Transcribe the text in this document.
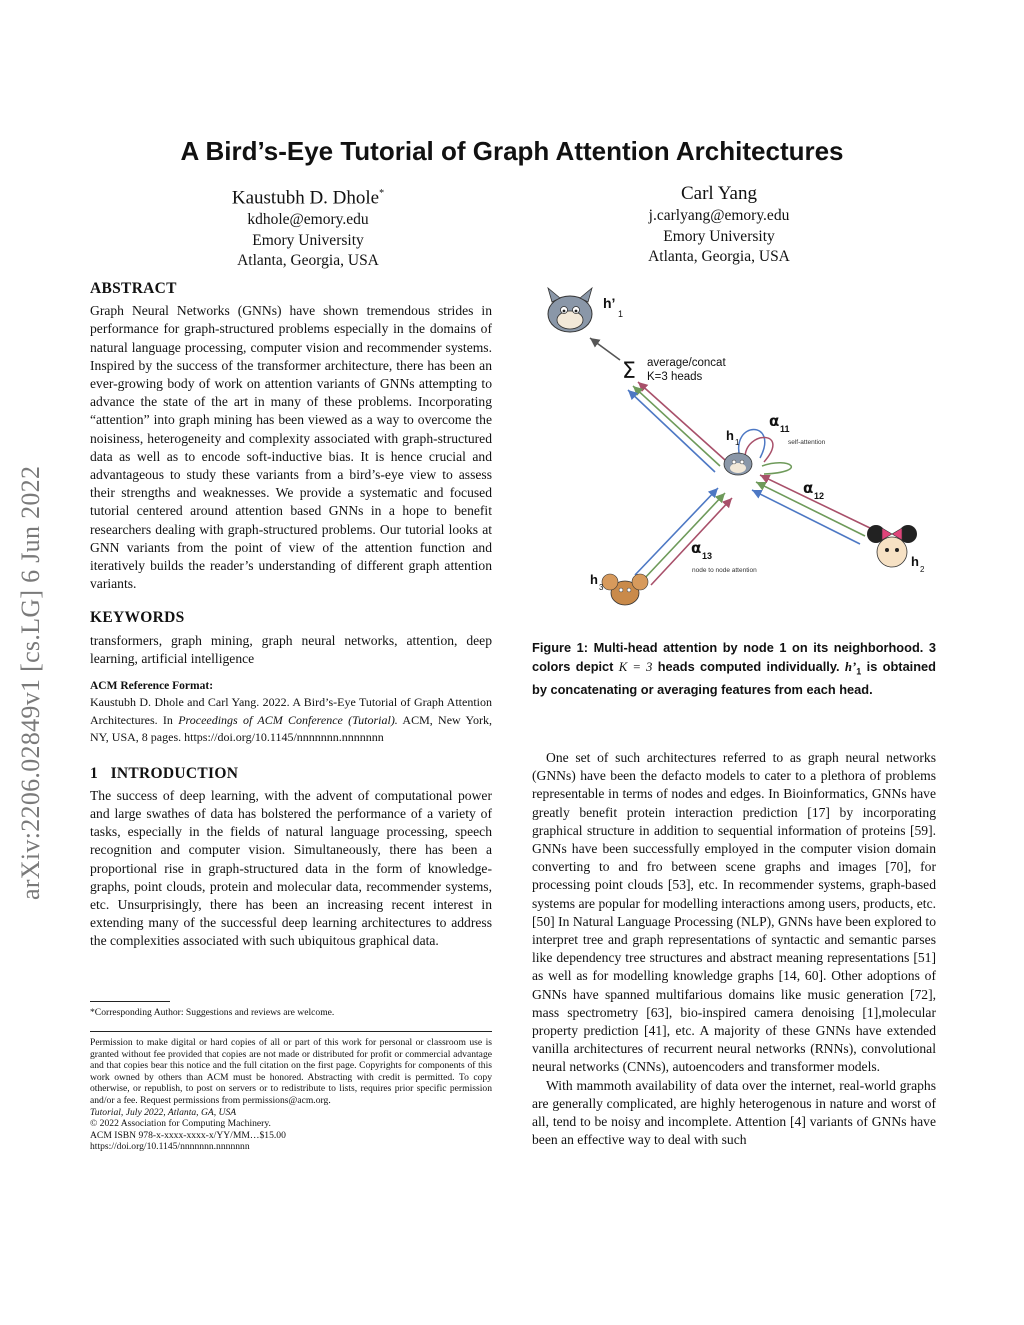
arXiv:2206.02849v1 [cs.LG] 6 Jun 2022
A Bird’s-Eye Tutorial of Graph Attention Architectures
Kaustubh D. Dhole*
kdhole@emory.edu
Emory University
Atlanta, Georgia, USA
Carl Yang
j.carlyang@emory.edu
Emory University
Atlanta, Georgia, USA
ABSTRACT

Graph Neural Networks (GNNs) have shown tremendous strides in performance for graph-structured problems especially in the domains of natural language processing, computer vision and recommender systems. Inspired by the success of the transformer architecture, there has been an ever-growing body of work on attention variants of GNNs attempting to advance the state of the art in many of these problems. Incorporating “attention” into graph mining has been viewed as a way to overcome the noisiness, heterogeneity and complexity associated with graph-structured data as well as to encode soft-inductive bias. It is hence crucial and advantageous to study these variants from a bird’s-eye view to assess their strengths and weaknesses. We provide a systematic and focused tutorial centered around attention based GNNs in a hope to benefit researchers dealing with graph-structured problems. Our tutorial looks at GNN variants from the point of view of the attention function and iteratively builds the reader’s understanding of different graph attention variants.

KEYWORDS

transformers, graph mining, graph neural networks, attention, deep learning, artificial intelligence

ACM Reference Format:

Kaustubh D. Dhole and Carl Yang. 2022. A Bird’s-Eye Tutorial of Graph Attention Architectures. In Proceedings of ACM Conference (Tutorial). ACM, New York, NY, USA, 8 pages. https://doi.org/10.1145/nnnnnnn.nnnnnnn

1   INTRODUCTION

The success of deep learning, with the advent of computational power and large swathes of data has bolstered the performance of a variety of tasks, especially in the fields of natural language processing, speech recognition and computer vision. Simultaneously, there has been a proportional rise in graph-structured data in the form of knowledge-graphs, point clouds, protein and molecular data, recommender systems, etc. Unsurprisingly, there has been an increasing recent interest in extending many of the successful deep learning architectures to address the complexities associated with such ubiquitous graphical data.

*Corresponding Author: Suggestions and reviews are welcome.

Permission to make digital or hard copies of all or part of this work for personal or classroom use is granted without fee provided that copies are not made or distributed for profit or commercial advantage and that copies bear this notice and the full citation on the first page. Copyrights for components of this work owned by others than ACM must be honored. Abstracting with credit is permitted. To copy otherwise, or republish, to post on servers or to redistribute to lists, requires prior specific permission and/or a fee. Request permissions from permissions@acm.org.

Tutorial, July 2022, Atlanta, GA, USA

© 2022 Association for Computing Machinery.

ACM ISBN 978-x-xxxx-xxxx-x/YY/MM…$15.00

https://doi.org/10.1145/nnnnnnn.nnnnnnn

h’
1
Σ average/concat
K=3 heads
h 1
α 11
self-attention
α 12
h
2
α 13
node to node attention
h
3
Figure 1: Multi-head attention by node 1 on its neighborhood. 3 colors depict K = 3 heads computed individually. $h’_1$ is obtained by concatenating or averaging features from each head.

One set of such architectures referred to as graph neural networks (GNNs) have been the defacto models to cater to a plethora of problems representable in terms of nodes and edges. In Bioinformatics, GNNs have greatly benefit protein interaction prediction [17] by incorporating graphical structure in addition to sequential information of proteins [59]. GNNs have been successfully employed in the computer vision domain converting to and fro between scene graphs and images [70], for processing point clouds [53], etc. In recommender systems, graph-based systems are popular for modelling interactions among users, products, etc. [50] In Natural Language Processing (NLP), GNNs have been explored to interpret tree and graph representations of syntactic and semantic parses like dependency tree structures and abstract meaning representations [51] as well as for modelling knowledge graphs [14, 60]. Other adoptions of GNNs have spanned multifarious domains like music generation [72], mass spectrometry [63], bio-inspired camera denoising [1],molecular property prediction [41], etc. A majority of these GNNs have extended vanilla architectures of recurrent neural networks (RNNs), convolutional neural networks (CNNs), autoencoders and transformer models.

With mammoth availability of data over the internet, real-world graphs are generally complicated, are highly heterogenous in nature and worst of all, tend to be noisy and incomplete. Attention [4] variants of GNNs have been an effective way to deal with such
